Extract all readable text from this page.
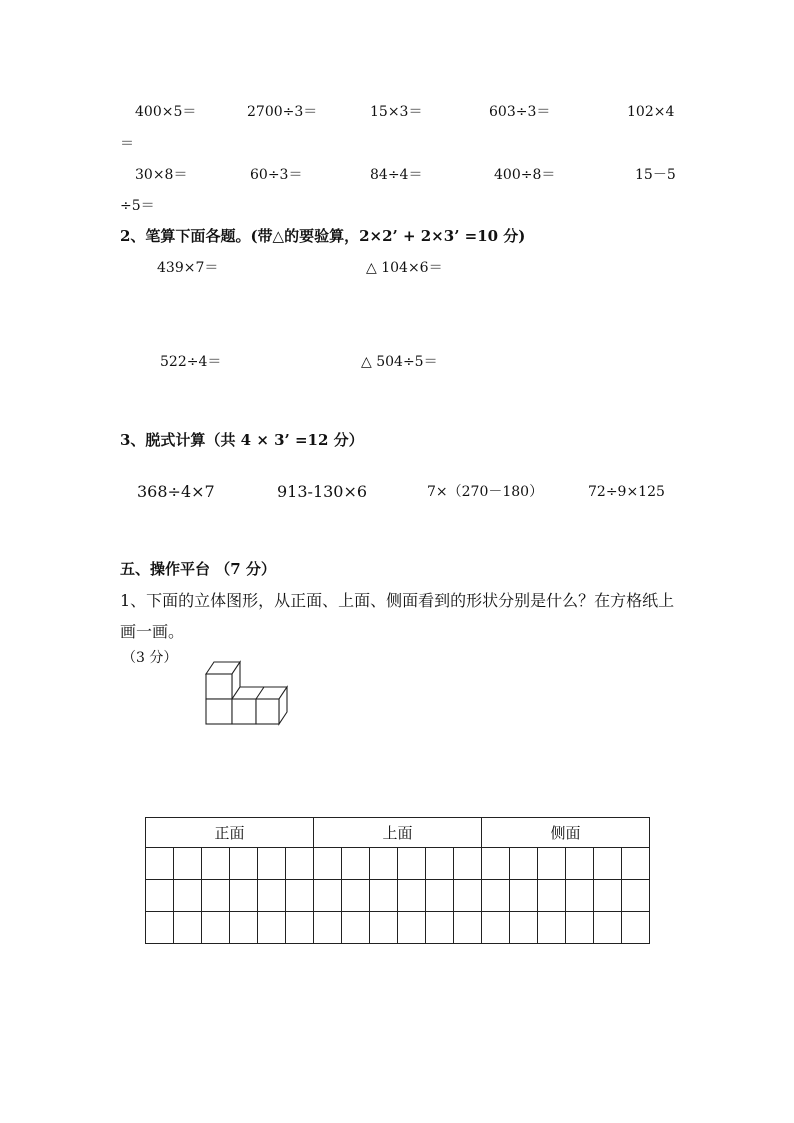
400×5＝	2700÷3＝	15×3＝	603÷3＝	102×4
＝
30×8＝	60÷3＝	84÷4＝	400÷8＝	15－5
÷5＝
2、笔算下面各题。(带△的要验算，2×2’ + 2×3’ =10 分)
439×7＝	△ 104×6＝
522÷4＝	△ 504÷5＝
3、脱式计算（共 4 × 3’ =12 分）
368÷4×7	913-130×6	7×（270－180）	72÷9×125
五、操作平台 （7 分）
1、下面的立体图形，从正面、上面、侧面看到的形状分别是什么？在方格纸上
画一画。
（3 分）
正面						上面						侧面					
